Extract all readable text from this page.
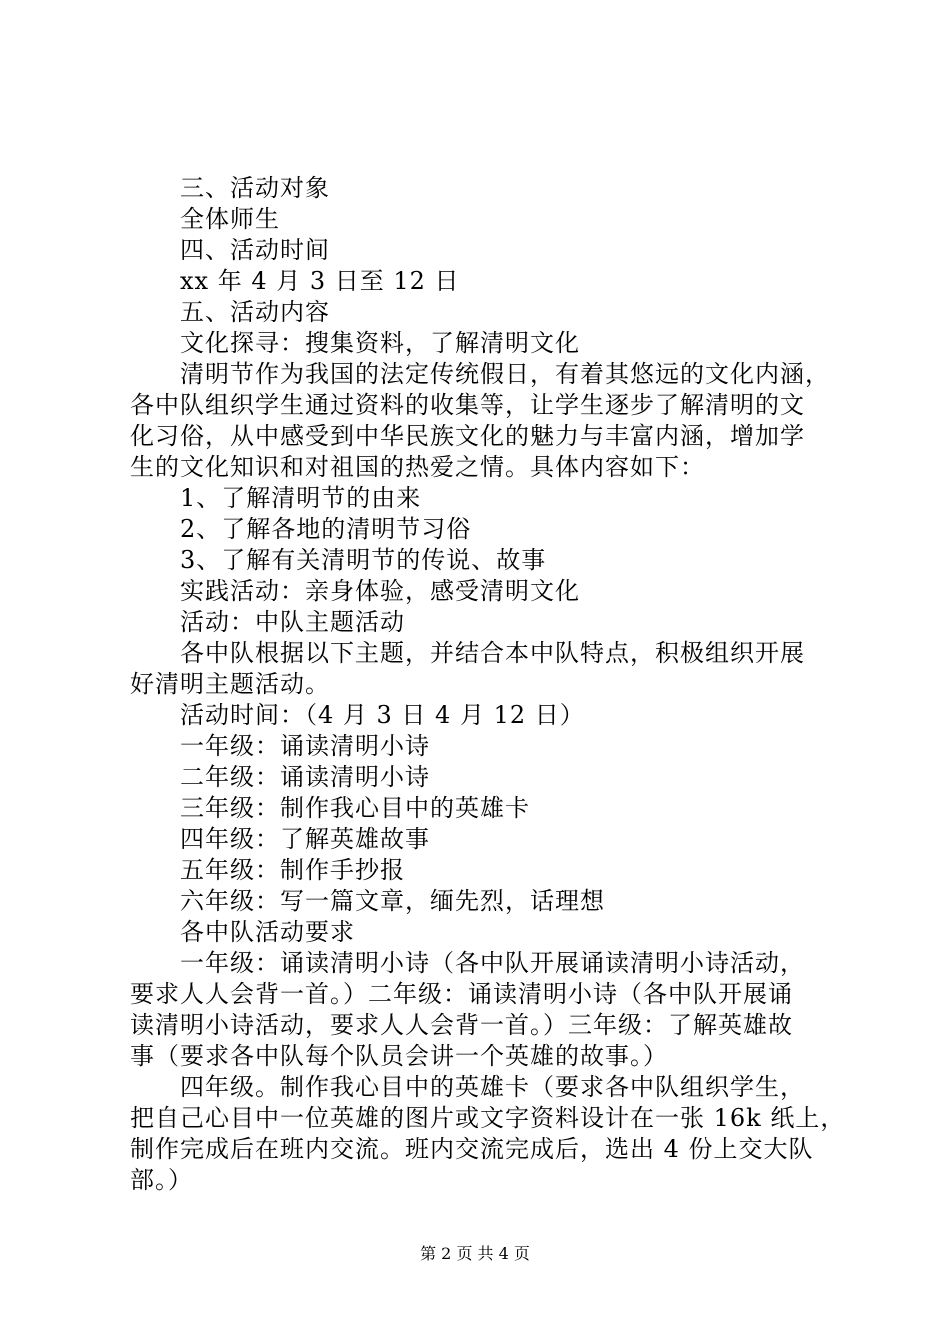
三、活动对象
全体师生
四、活动时间
xx 年 4 月 3 日至 12 日
五、活动内容
文化探寻：搜集资料，了解清明文化
清明节作为我国的法定传统假日，有着其悠远的文化内涵，
各中队组织学生通过资料的收集等，让学生逐步了解清明的文
化习俗，从中感受到中华民族文化的魅力与丰富内涵，增加学
生的文化知识和对祖国的热爱之情。具体内容如下：
1、了解清明节的由来
2、了解各地的清明节习俗
3、了解有关清明节的传说、故事
实践活动：亲身体验，感受清明文化
活动：中队主题活动
各中队根据以下主题，并结合本中队特点，积极组织开展
好清明主题活动。
活动时间：（4 月 3 日 4 月 12 日）
一年级：诵读清明小诗
二年级：诵读清明小诗
三年级：制作我心目中的英雄卡
四年级：了解英雄故事
五年级：制作手抄报
六年级：写一篇文章，缅先烈，话理想
各中队活动要求
一年级：诵读清明小诗（各中队开展诵读清明小诗活动，
要求人人会背一首。）二年级：诵读清明小诗（各中队开展诵
读清明小诗活动，要求人人会背一首。）三年级：了解英雄故
事（要求各中队每个队员会讲一个英雄的故事。）
四年级。制作我心目中的英雄卡（要求各中队组织学生，
把自己心目中一位英雄的图片或文字资料设计在一张 16k 纸上，
制作完成后在班内交流。班内交流完成后，选出 4 份上交大队
部。）
第 2 页 共 4 页
